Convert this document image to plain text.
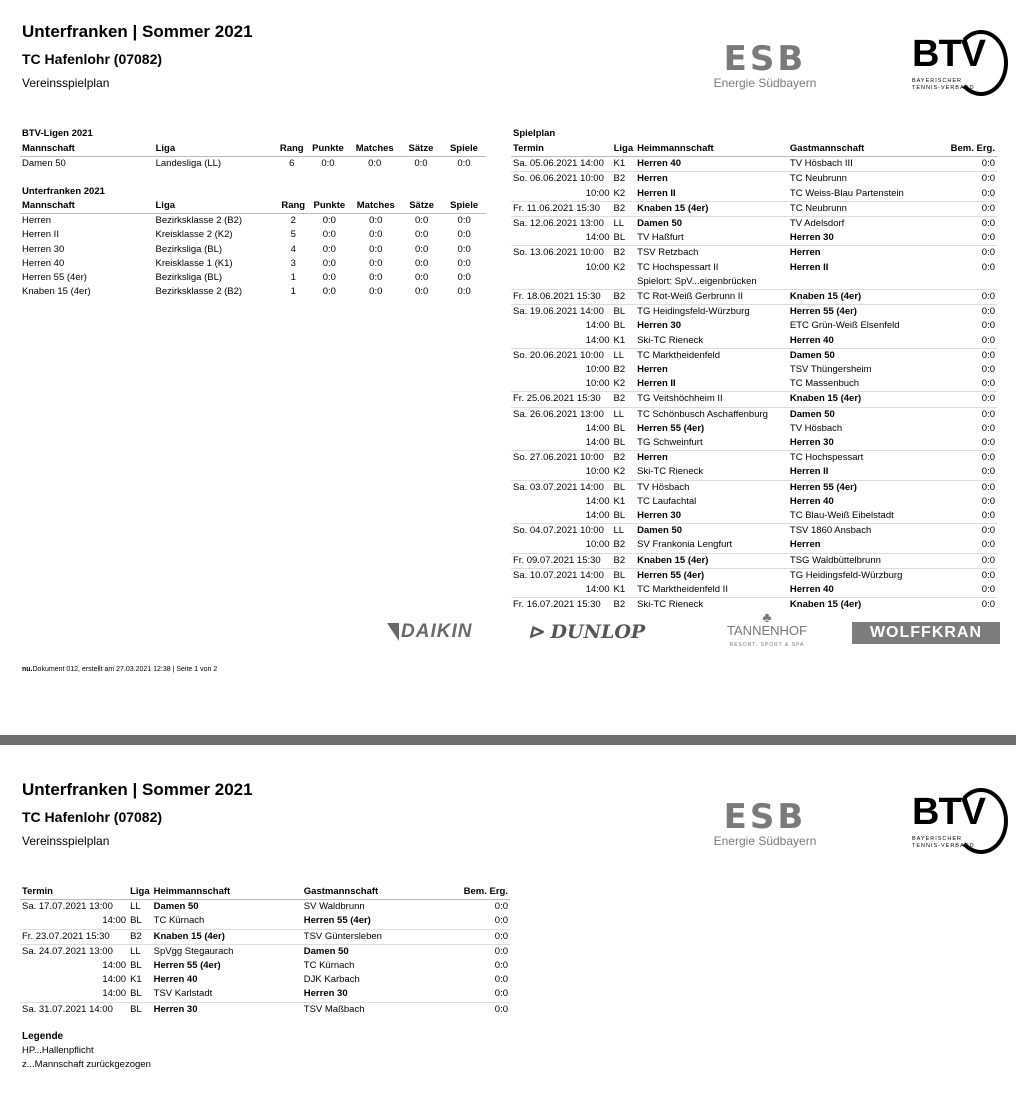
Unterfranken | Sommer 2021
TC Hafenlohr (07082)
Vereinsspielplan
ESB
Energie Südbayern
BTV
BAYERISCHER
TENNIS-VERBAND
BTV-Ligen 2021
Mannschaft	Liga	Rang	Punkte	Matches	Sätze	Spiele
Damen 50	Landesliga (LL)	6	0:0	0:0	0:0	0:0
Unterfranken 2021
Mannschaft	Liga	Rang	Punkte	Matches	Sätze	Spiele
Herren	Bezirksklasse 2 (B2)	2	0:0	0:0	0:0	0:0
Herren II	Kreisklasse 2 (K2)	5	0:0	0:0	0:0	0:0
Herren 30	Bezirksliga (BL)	4	0:0	0:0	0:0	0:0
Herren 40	Kreisklasse 1 (K1)	3	0:0	0:0	0:0	0:0
Herren 55 (4er)	Bezirksliga (BL)	1	0:0	0:0	0:0	0:0
Knaben 15 (4er)	Bezirksklasse 2 (B2)	1	0:0	0:0	0:0	0:0
Spielplan
Termin	Liga	Heimmannschaft	Gastmannschaft	Bem. Erg.
Sa. 05.06.2021 14:00	K1	Herren 40	TV Hösbach III	0:0
So. 06.06.2021 10:00	B2	Herren	TC Neubrunn	0:0
10:00	K2	Herren II	TC Weiss-Blau Partenstein	0:0
Fr. 11.06.2021 15:30	B2	Knaben 15 (4er)	TC Neubrunn	0:0
Sa. 12.06.2021 13:00	LL	Damen 50	TV Adelsdorf	0:0
14:00	BL	TV Haßfurt	Herren 30	0:0
So. 13.06.2021 10:00	B2	TSV Retzbach	Herren	0:0
10:00	K2	TC Hochspessart II	Herren II	0:0
		Spielort: SpV...eigenbrücken		
Fr. 18.06.2021 15:30	B2	TC Rot-Weiß Gerbrunn II	Knaben 15 (4er)	0:0
Sa. 19.06.2021 14:00	BL	TG Heidingsfeld-Würzburg	Herren 55 (4er)	0:0
14:00	BL	Herren 30	ETC Grün-Weiß Elsenfeld	0:0
14:00	K1	Ski-TC Rieneck	Herren 40	0:0
So. 20.06.2021 10:00	LL	TC Marktheidenfeld	Damen 50	0:0
10:00	B2	Herren	TSV Thüngersheim	0:0
10:00	K2	Herren II	TC Massenbuch	0:0
Fr. 25.06.2021 15:30	B2	TG Veitshöchheim II	Knaben 15 (4er)	0:0
Sa. 26.06.2021 13:00	LL	TC Schönbusch Aschaffenburg	Damen 50	0:0
14:00	BL	Herren 55 (4er)	TV Hösbach	0:0
14:00	BL	TG Schweinfurt	Herren 30	0:0
So. 27.06.2021 10:00	B2	Herren	TC Hochspessart	0:0
10:00	K2	Ski-TC Rieneck	Herren II	0:0
Sa. 03.07.2021 14:00	BL	TV Hösbach	Herren 55 (4er)	0:0
14:00	K1	TC Laufachtal	Herren 40	0:0
14:00	BL	Herren 30	TC Blau-Weiß Eibelstadt	0:0
So. 04.07.2021 10:00	LL	Damen 50	TSV 1860 Ansbach	0:0
10:00	B2	SV Frankonia Lengfurt	Herren	0:0
Fr. 09.07.2021 15:30	B2	Knaben 15 (4er)	TSG Waldbüttelbrunn	0:0
Sa. 10.07.2021 14:00	BL	Herren 55 (4er)	TG Heidingsfeld-Würzburg	0:0
14:00	K1	TC Marktheidenfeld II	Herren 40	0:0
Fr. 16.07.2021 15:30	B2	Ski-TC Rieneck	Knaben 15 (4er)	0:0
DAIKIN	⊳ DUNLOP
♣
TANNENHOF
RESORT, SPORT & SPA
WOLFFKRAN
nu.Dokument 012, erstellt am 27.03.2021 12:38 | Seite 1 von 2
Unterfranken | Sommer 2021
TC Hafenlohr (07082)
Vereinsspielplan
ESB
Energie Südbayern
BTV
BAYERISCHER
TENNIS-VERBAND
Termin	Liga	Heimmannschaft	Gastmannschaft	Bem. Erg.
Sa. 17.07.2021 13:00	LL	Damen 50	SV Waldbrunn	0:0
14:00	BL	TC Kürnach	Herren 55 (4er)	0:0
Fr. 23.07.2021 15:30	B2	Knaben 15 (4er)	TSV Güntersleben	0:0
Sa. 24.07.2021 13:00	LL	SpVgg Stegaurach	Damen 50	0:0
14:00	BL	Herren 55 (4er)	TC Kürnach	0:0
14:00	K1	Herren 40	DJK Karbach	0:0
14:00	BL	TSV Karlstadt	Herren 30	0:0
Sa. 31.07.2021 14:00	BL	Herren 30	TSV Maßbach	0:0
Legende
HP...Hallenpflicht
z...Mannschaft zurückgezogen
